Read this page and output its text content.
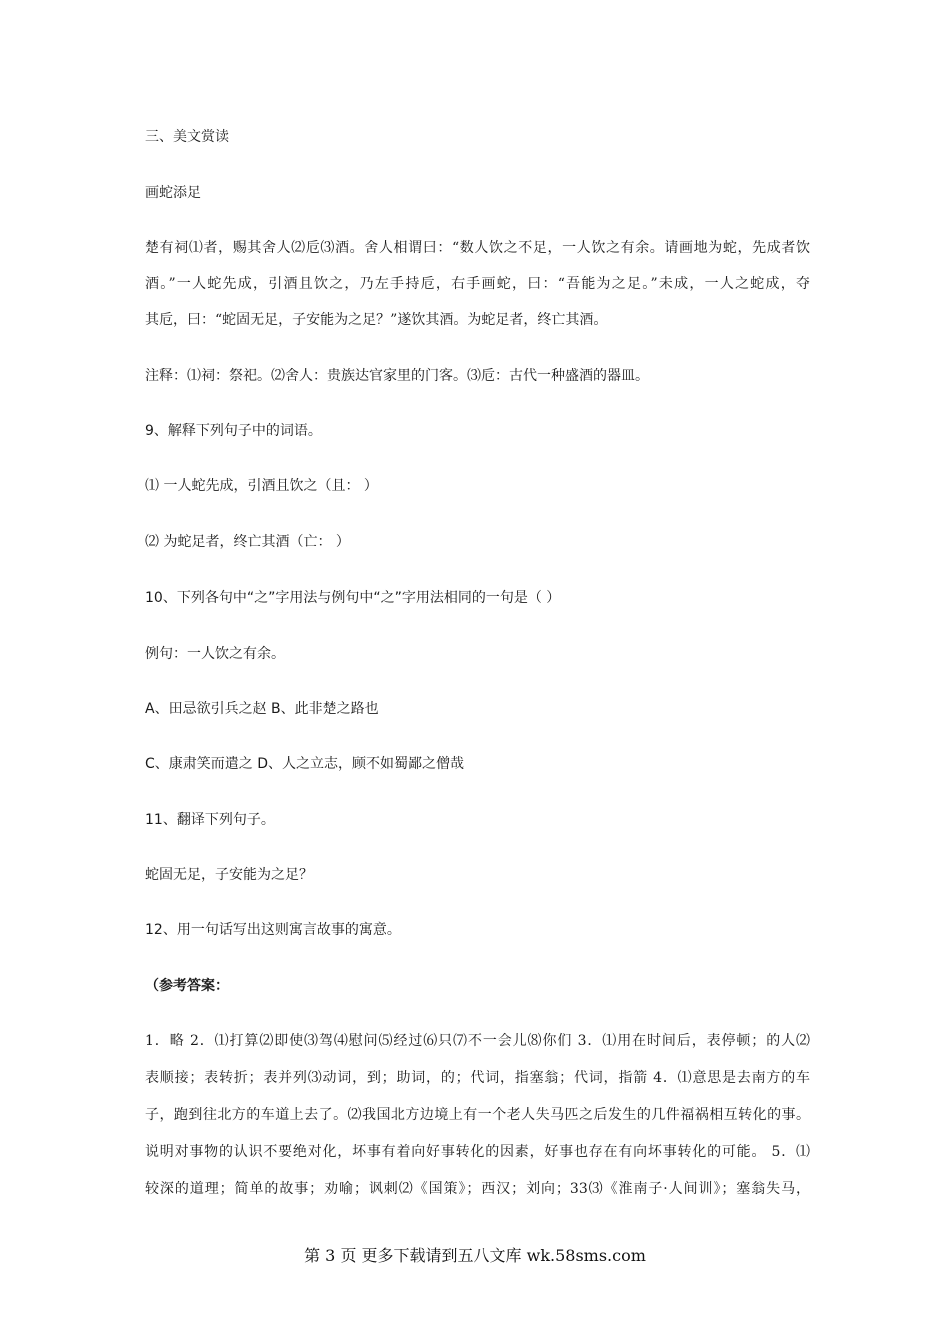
三、美文赏读
画蛇添足
楚有祠⑴者，赐其舍人⑵卮⑶酒。舍人相谓曰：“数人饮之不足，一人饮之有余。请画地为蛇，先成者饮
酒。”一人蛇先成，引酒且饮之，乃左手持卮，右手画蛇，曰：“吾能为之足。”未成，一人之蛇成，夺
其卮，曰：“蛇固无足，子安能为之足？”遂饮其酒。为蛇足者，终亡其酒。
注释：⑴祠：祭祀。⑵舍人：贵族达官家里的门客。⑶卮：古代一种盛酒的器皿。
9、解释下列句子中的词语。
⑴ 一人蛇先成，引酒且饮之（且： ）
⑵ 为蛇足者，终亡其酒（亡： ）
10、下列各句中“之”字用法与例句中“之”字用法相同的一句是（ ）
例句：一人饮之有余。
A、田忌欲引兵之赵 B、此非楚之路也
C、康肃笑而遣之 D、人之立志，顾不如蜀鄙之僧哉
11、翻译下列句子。
蛇固无足，子安能为之足？
12、用一句话写出这则寓言故事的寓意。
（参考答案：
1．略 2．⑴打算⑵即使⑶驾⑷慰问⑸经过⑹只⑺不一会儿⑻你们 3．⑴用在时间后，表停顿；的人⑵
表顺接；表转折；表并列⑶动词，到；助词，的；代词，指塞翁；代词，指箭 4．⑴意思是去南方的车
子，跑到往北方的车道上去了。⑵我国北方边境上有一个老人失马匹之后发生的几件福祸相互转化的事。
说明对事物的认识不要绝对化，坏事有着向好事转化的因素，好事也存在有向坏事转化的可能。 5．⑴
较深的道理；简单的故事；劝喻；讽刺⑵《国策》；西汉；刘向；33⑶《淮南子·人间训》；塞翁失马，
第 3 页 更多下载请到五八文库 wk.58sms.com
